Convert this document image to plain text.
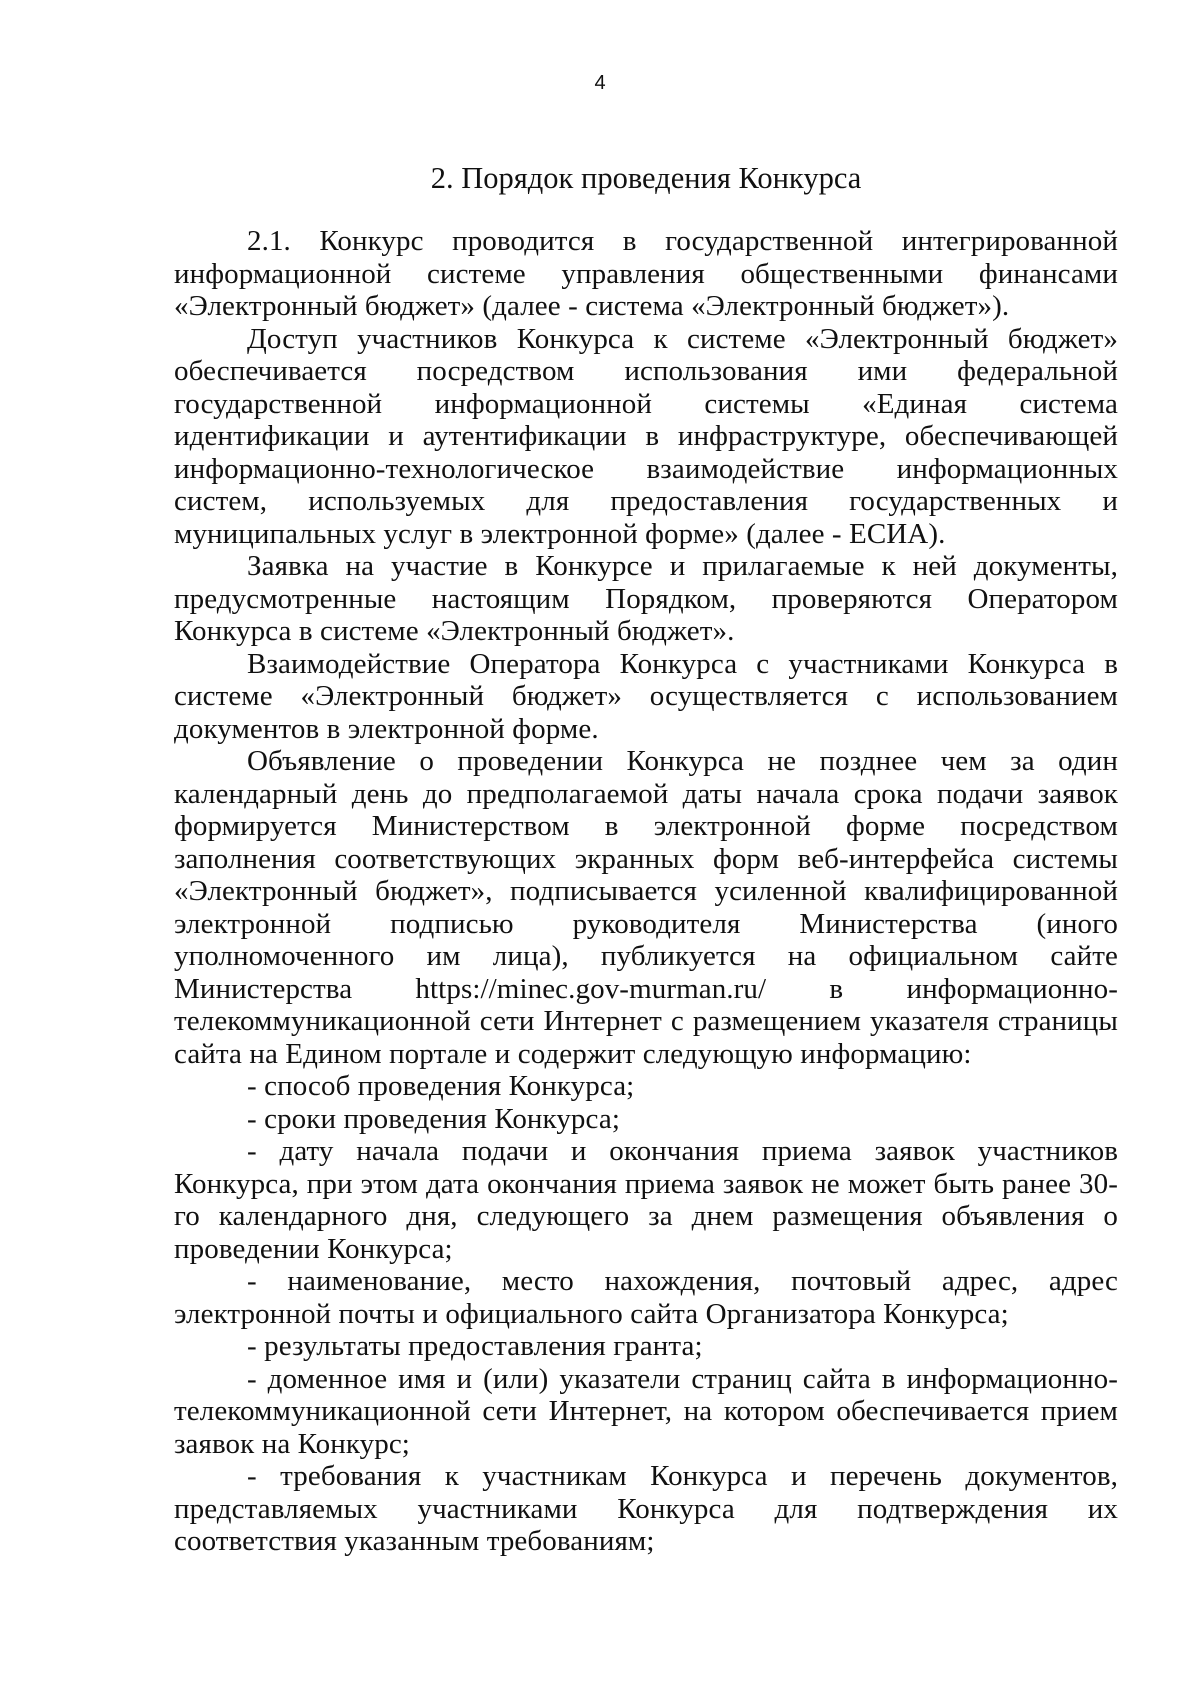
4
2. Порядок проведения Конкурса

2.1. Конкурс проводится в государственной интегрированной информационной системе управления общественными финансами «Электронный бюджет» (далее - система «Электронный бюджет»).

Доступ участников Конкурса к системе «Электронный бюджет» обеспечивается посредством использования ими федеральной государственной информационной системы «Единая система идентификации и аутентификации в инфраструктуре, обеспечивающей информационно-технологическое взаимодействие информационных систем, используемых для предоставления государственных и муниципальных услуг в электронной форме» (далее - ЕСИА).

Заявка на участие в Конкурсе и прилагаемые к ней документы, предусмотренные настоящим Порядком, проверяются Оператором Конкурса в системе «Электронный бюджет».

Взаимодействие Оператора Конкурса с участниками Конкурса в системе «Электронный бюджет» осуществляется с использованием документов в электронной форме.

Объявление о проведении Конкурса не позднее чем за один календарный день до предполагаемой даты начала срока подачи заявок формируется Министерством в электронной форме посредством заполнения соответствующих экранных форм веб-интерфейса системы «Электронный бюджет», подписывается усиленной квалифицированной электронной подписью руководителя Министерства (иного уполномоченного им лица), публикуется на официальном сайте Министерства https://minec.gov-murman.ru/ в информационно-телекоммуникационной сети Интернет с размещением указателя страницы сайта на Едином портале и содержит следующую информацию:

- способ проведения Конкурса;

- сроки проведения Конкурса;

- дату начала подачи и окончания приема заявок участников Конкурса, при этом дата окончания приема заявок не может быть ранее 30-го календарного дня, следующего за днем размещения объявления о проведении Конкурса;

- наименование, место нахождения, почтовый адрес, адрес электронной почты и официального сайта Организатора Конкурса;

- результаты предоставления гранта;

- доменное имя и (или) указатели страниц сайта в информационно-телекоммуникационной сети Интернет, на котором обеспечивается прием заявок на Конкурс;

- требования к участникам Конкурса и перечень документов, представляемых участниками Конкурса для подтверждения их соответствия указанным требованиям;
